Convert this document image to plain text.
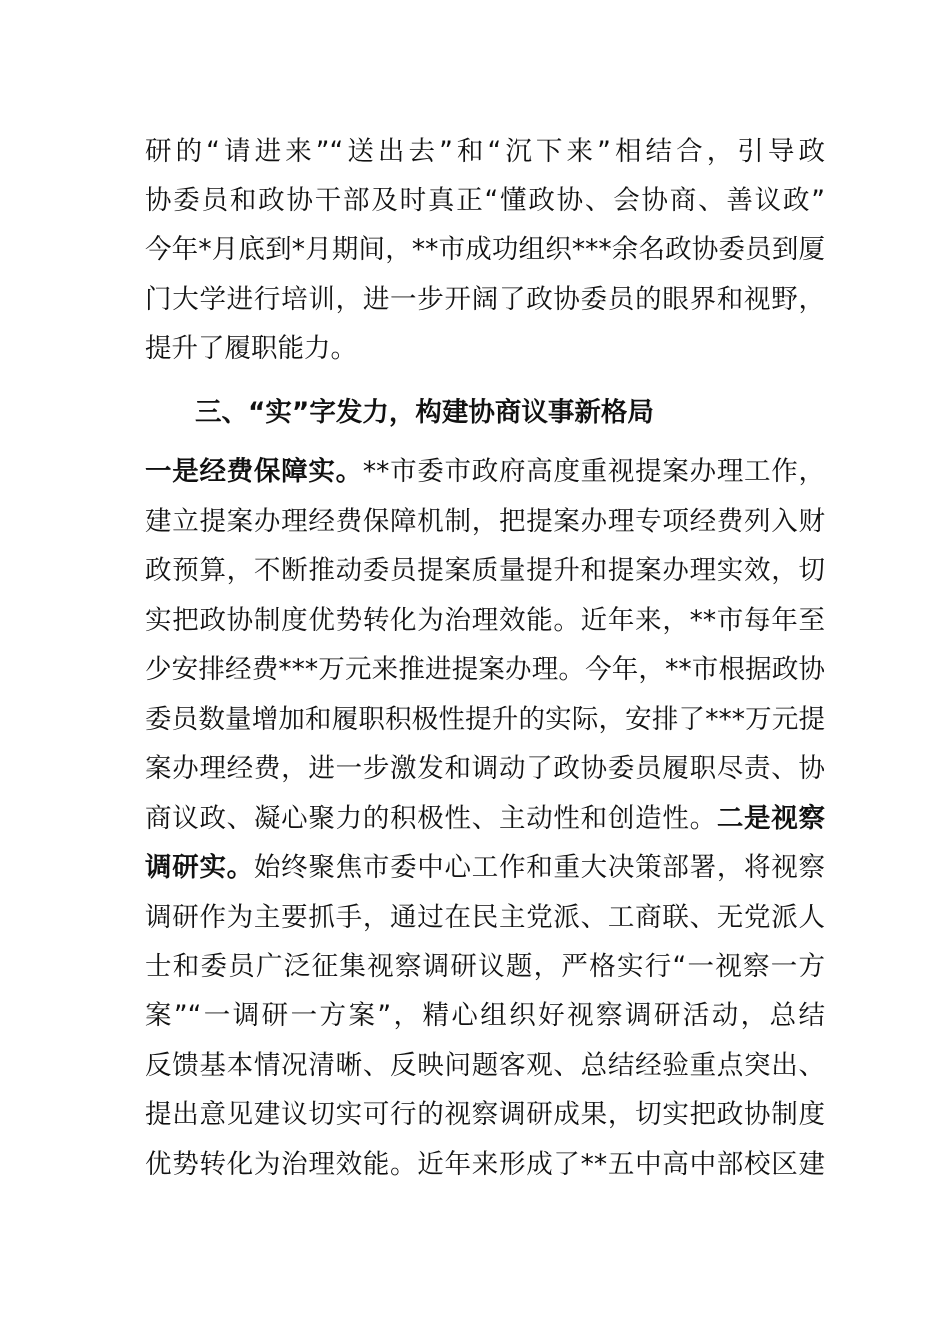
研的“请进来”“送出去”和“沉下来”相结合，引导政
协委员和政协干部及时真正“懂政协、会协商、善议政”
今年*月底到*月期间，**市成功组织***余名政协委员到厦
门大学进行培训，进一步开阔了政协委员的眼界和视野，
提升了履职能力。
三、“实”字发力，构建协商议事新格局
一是经费保障实。**市委市政府高度重视提案办理工作，
建立提案办理经费保障机制，把提案办理专项经费列入财
政预算，不断推动委员提案质量提升和提案办理实效，切
实把政协制度优势转化为治理效能。近年来，**市每年至
少安排经费***万元来推进提案办理。今年，**市根据政协
委员数量增加和履职积极性提升的实际，安排了***万元提
案办理经费，进一步激发和调动了政协委员履职尽责、协
商议政、凝心聚力的积极性、主动性和创造性。二是视察
调研实。始终聚焦市委中心工作和重大决策部署，将视察
调研作为主要抓手，通过在民主党派、工商联、无党派人
士和委员广泛征集视察调研议题，严格实行“一视察一方
案”“一调研一方案”，精心组织好视察调研活动，总结
反馈基本情况清晰、反映问题客观、总结经验重点突出、
提出意见建议切实可行的视察调研成果，切实把政协制度
优势转化为治理效能。近年来形成了**五中高中部校区建
